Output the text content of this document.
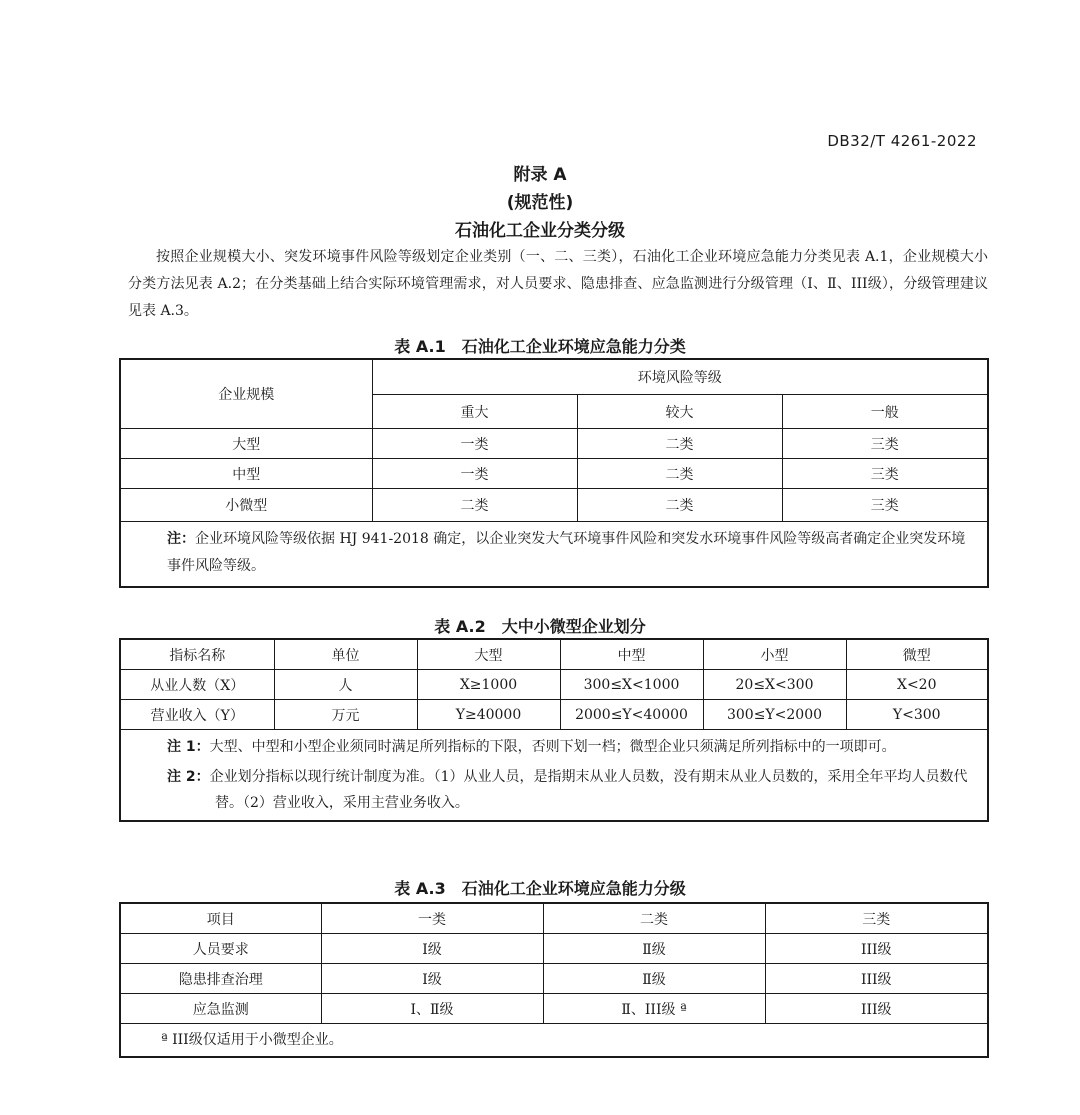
DB32/T 4261-2022
附录 A
(规范性)
石油化工企业分类分级

按照企业规模大小、突发环境事件风险等级划定企业类别（一、二、三类），石油化工企业环境应急能力分类见表 A.1，企业规模大小分类方法见表 A.2；在分类基础上结合实际环境管理需求，对人员要求、隐患排查、应急监测进行分级管理（Ⅰ、Ⅱ、III级），分级管理建议见表 A.3。

表 A.1　石油化工企业环境应急能力分类
企业规模	环境风险等级		
	重大	较大	一般
大型	一类	二类	三类
中型	一类	二类	三类
小微型	二类	二类	三类
注：企业环境风险等级依据 HJ 941-2018 确定，以企业突发大气环境事件风险和突发水环境事件风险等级高者确定企业突发环境事件风险等级。			
表 A.2　大中小微型企业划分
指标名称	单位	大型	中型	小型	微型
从业人数（X）	人	X≥1000	300≤X<1000	20≤X<300	X<20
营业收入（Y）	万元	Y≥40000	2000≤Y<40000	300≤Y<2000	Y<300

注 1：大型、中型和小型企业须同时满足所列指标的下限，否则下划一档；微型企业只须满足所列指标中的一项即可。

注 2：企业划分指标以现行统计制度为准。（1）从业人员，是指期末从业人员数，没有期末从业人员数的，采用全年平均人员数代替。（2）营业收入，采用主营业务收入。					

表 A.3　石油化工企业环境应急能力分级
项目	一类	二类	三类
人员要求	Ⅰ级	Ⅱ级	III级
隐患排查治理	Ⅰ级	Ⅱ级	III级
应急监测	Ⅰ、Ⅱ级	Ⅱ、III级 ª	III级
ª III级仅适用于小微型企业。			
